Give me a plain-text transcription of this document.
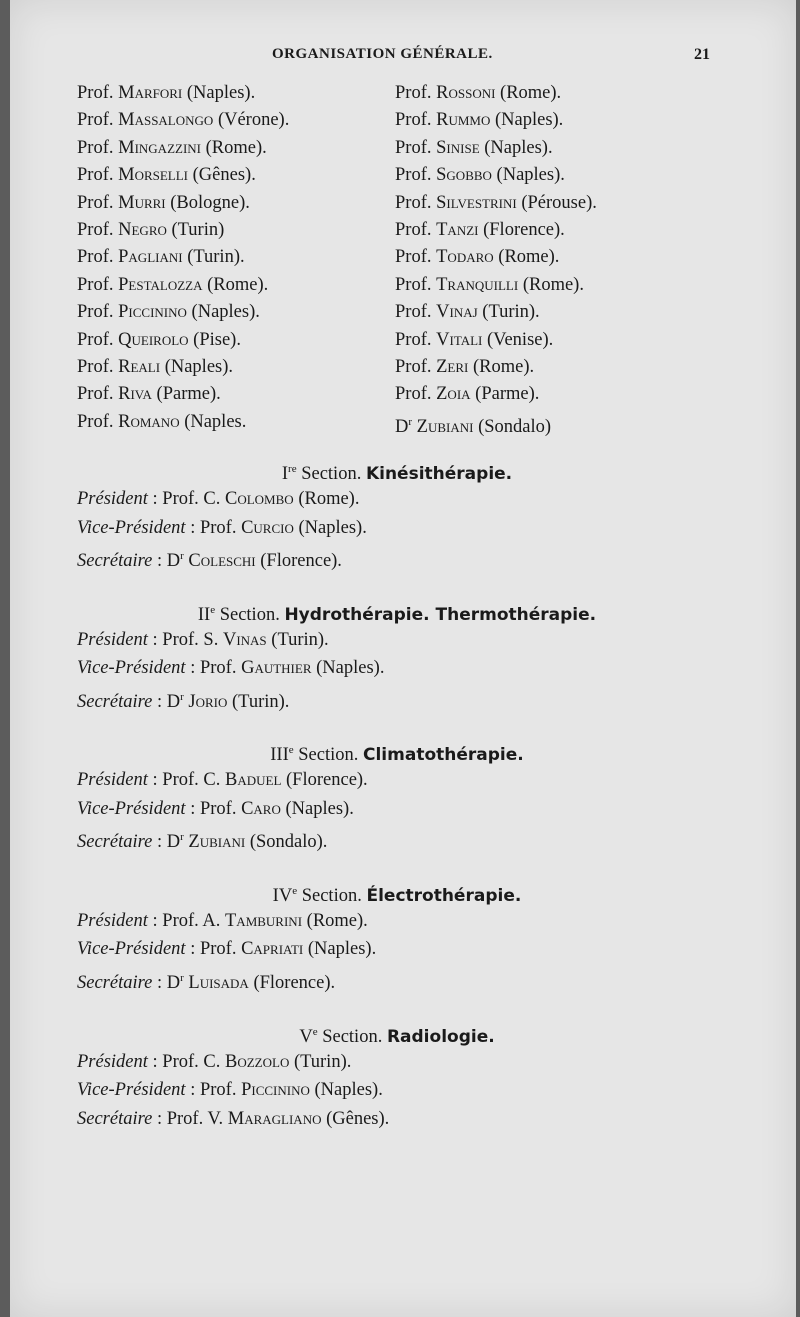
ORGANISATION GÉNÉRALE.	21
Prof. Marfori (Naples).
Prof. Massalongo (Vérone).
Prof. Mingazzini (Rome).
Prof. Morselli (Gênes).
Prof. Murri (Bologne).
Prof. Negro (Turin)
Prof. Pagliani (Turin).
Prof. Pestalozza (Rome).
Prof. Piccinino (Naples).
Prof. Queirolo (Pise).
Prof. Reali (Naples).
Prof. Riva (Parme).
Prof. Romano (Naples.
Prof. Rossoni (Rome).
Prof. Rummo (Naples).
Prof. Sinise (Naples).
Prof. Sgobbo (Naples).
Prof. Silvestrini (Pérouse).
Prof. Tanzi (Florence).
Prof. Todaro (Rome).
Prof. Tranquilli (Rome).
Prof. Vinaj (Turin).
Prof. Vitali (Venise).
Prof. Zeri (Rome).
Prof. Zoia (Parme).
$D^r$ Zubiani (Sondalo)
Ire Section. Kinésithérapie.
Président : Prof. C. Colombo (Rome).
Vice-Président : Prof. Curcio (Naples).
Secrétaire : $D^r$ Coleschi (Florence).
IIe Section. Hydrothérapie. Thermothérapie.
Président : Prof. S. Vinas (Turin).
Vice-Président : Prof. Gauthier (Naples).
Secrétaire : $D^r$ Jorio (Turin).
IIIe Section. Climatothérapie.
Président : Prof. C. Baduel (Florence).
Vice-Président : Prof. Caro (Naples).
Secrétaire : $D^r$ Zubiani (Sondalo).
IVe Section. Électrothérapie.
Président : Prof. A. Tamburini (Rome).
Vice-Président : Prof. Capriati (Naples).
Secrétaire : $D^r$ Luisada (Florence).
Ve Section. Radiologie.
Président : Prof. C. Bozzolo (Turin).
Vice-Président : Prof. Piccinino (Naples).
Secrétaire : Prof. V. Maragliano (Gênes).
